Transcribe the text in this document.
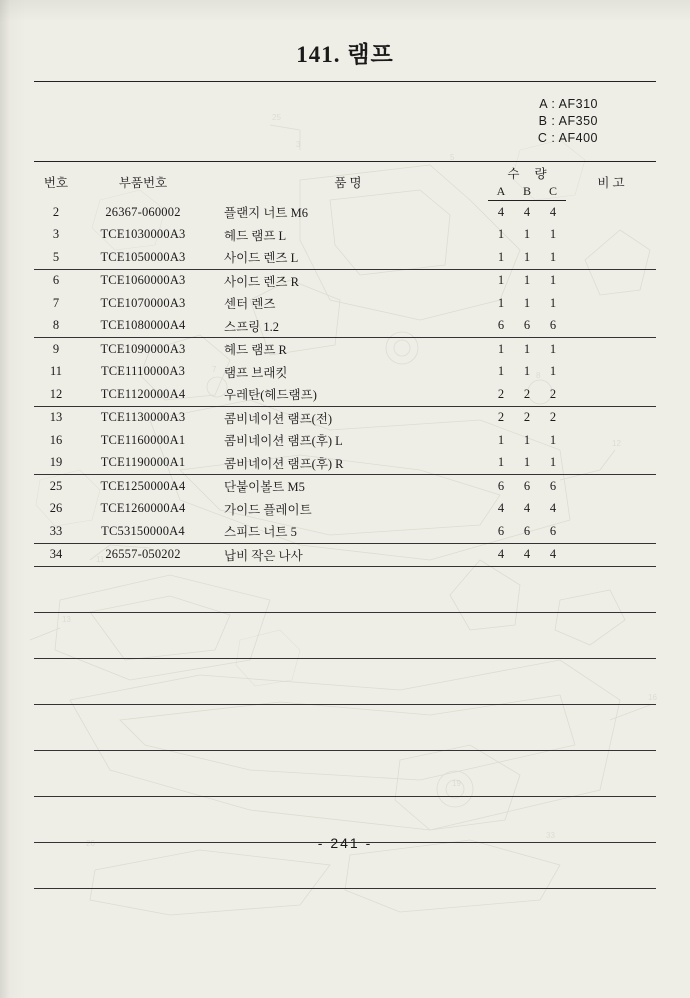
3
5
7
8
11
12
13
16
19
25
26
33
141. 램프
A : AF310
B : AF350
C : AF400

번호	부품번호	품 명	수 량			비 고
			A	B	C	
2	26367-060002	플랜지 너트 M6	4	4	4	
3	TCE1030000A3	헤드 램프 L	1	1	1	
5	TCE1050000A3	사이드 렌즈 L	1	1	1	
6	TCE1060000A3	사이드 렌즈 R	1	1	1	
7	TCE1070000A3	센터 렌즈	1	1	1	
8	TCE1080000A4	스프링 1.2	6	6	6	
9	TCE1090000A3	헤드 램프 R	1	1	1	
11	TCE1110000A3	램프 브래킷	1	1	1	
12	TCE1120000A4	우레탄(헤드램프)	2	2	2	
13	TCE1130000A3	콤비네이션 램프(전)	2	2	2	
16	TCE1160000A1	콤비네이션 램프(후) L	1	1	1	
19	TCE1190000A1	콤비네이션 램프(후) R	1	1	1	
25	TCE1250000A4	단붙이볼트 M5	6	6	6	
26	TCE1260000A4	가이드 플레이트	4	4	4	
33	TC53150000A4	스피드 너트 5	6	6	6	
34	26557-050202	납비 작은 나사	4	4	4	

- 241 -
